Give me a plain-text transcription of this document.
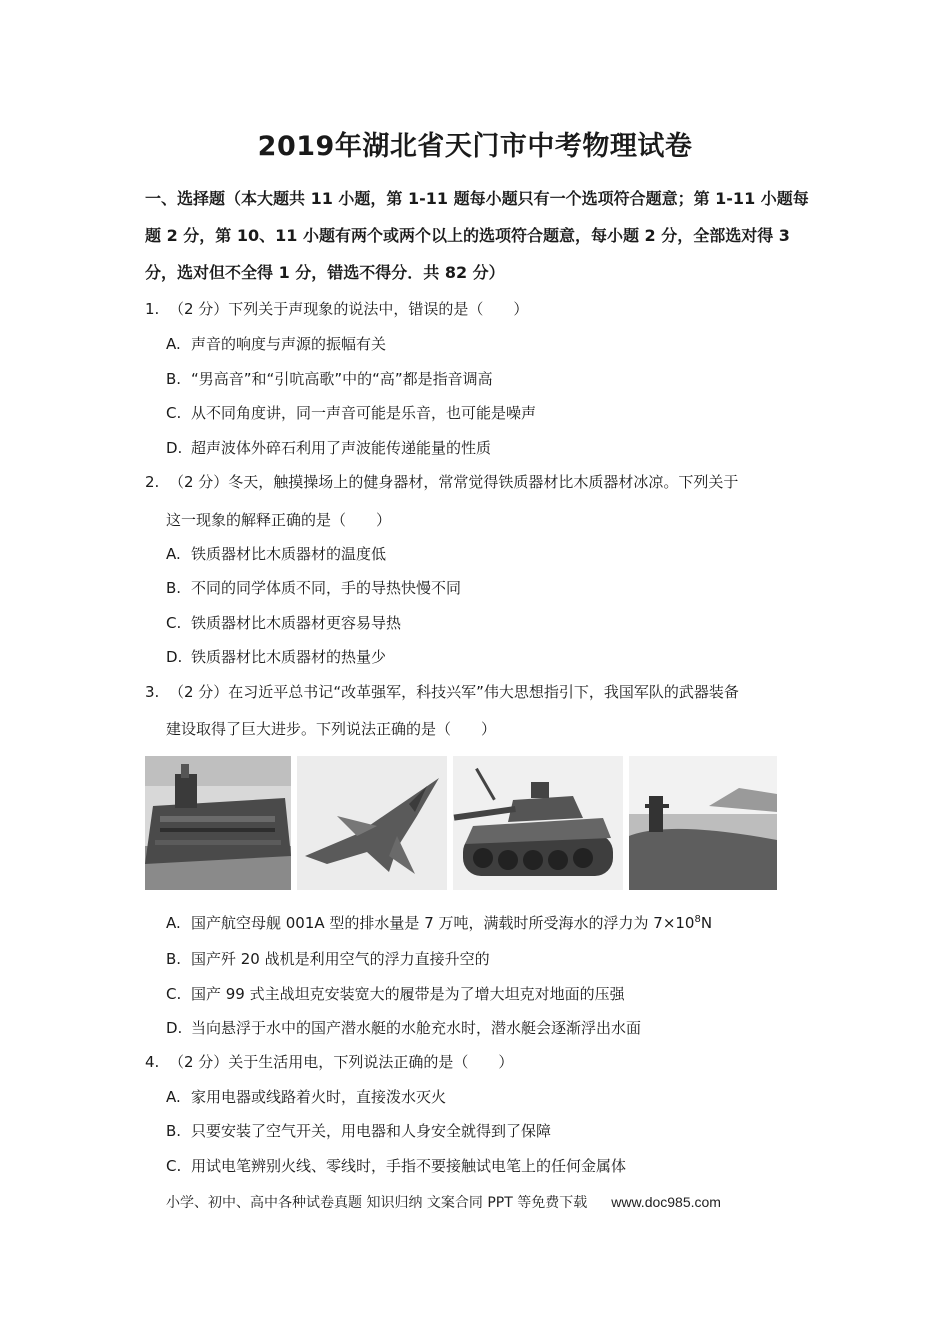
2019年湖北省天门市中考物理试卷
一、选择题（本大题共 11 小题，第 1-11 题每小题只有一个选项符合题意；第 1-11 小题每题 2 分，第 10、11 小题有两个或两个以上的选项符合题意，每小题 2 分，全部选对得 3 分，选对但不全得 1 分，错选不得分．共 82 分）
1. （2 分）下列关于声现象的说法中，错误的是（　　）
A. 声音的响度与声源的振幅有关
B. “男高音”和“引吭高歌”中的“高”都是指音调高
C. 从不同角度讲，同一声音可能是乐音，也可能是噪声
D. 超声波体外碎石利用了声波能传递能量的性质
2. （2 分）冬天，触摸操场上的健身器材，常常觉得铁质器材比木质器材冰凉。下列关于
这一现象的解释正确的是（　　）
A. 铁质器材比木质器材的温度低
B. 不同的同学体质不同，手的导热快慢不同
C. 铁质器材比木质器材更容易导热
D. 铁质器材比木质器材的热量少
3. （2 分）在习近平总书记“改革强军，科技兴军”伟大思想指引下，我国军队的武器装备
建设取得了巨大进步。下列说法正确的是（　　）
A. 国产航空母舰 001A 型的排水量是 7 万吨，满载时所受海水的浮力为 $7\times 10^8N$
B. 国产歼 20 战机是利用空气的浮力直接升空的
C. 国产 99 式主战坦克安装宽大的履带是为了增大坦克对地面的压强
D. 当向悬浮于水中的国产潜水艇的水舱充水时，潜水艇会逐渐浮出水面
4. （2 分）关于生活用电，下列说法正确的是（　　）
A. 家用电器或线路着火时，直接泼水灭火
B. 只要安装了空气开关，用电器和人身安全就得到了保障
C. 用试电笔辨别火线、零线时，手指不要接触试电笔上的任何金属体
小学、初中、高中各种试卷真题 知识归纳 文案合同 PPT 等免费下载 www.doc985.com
